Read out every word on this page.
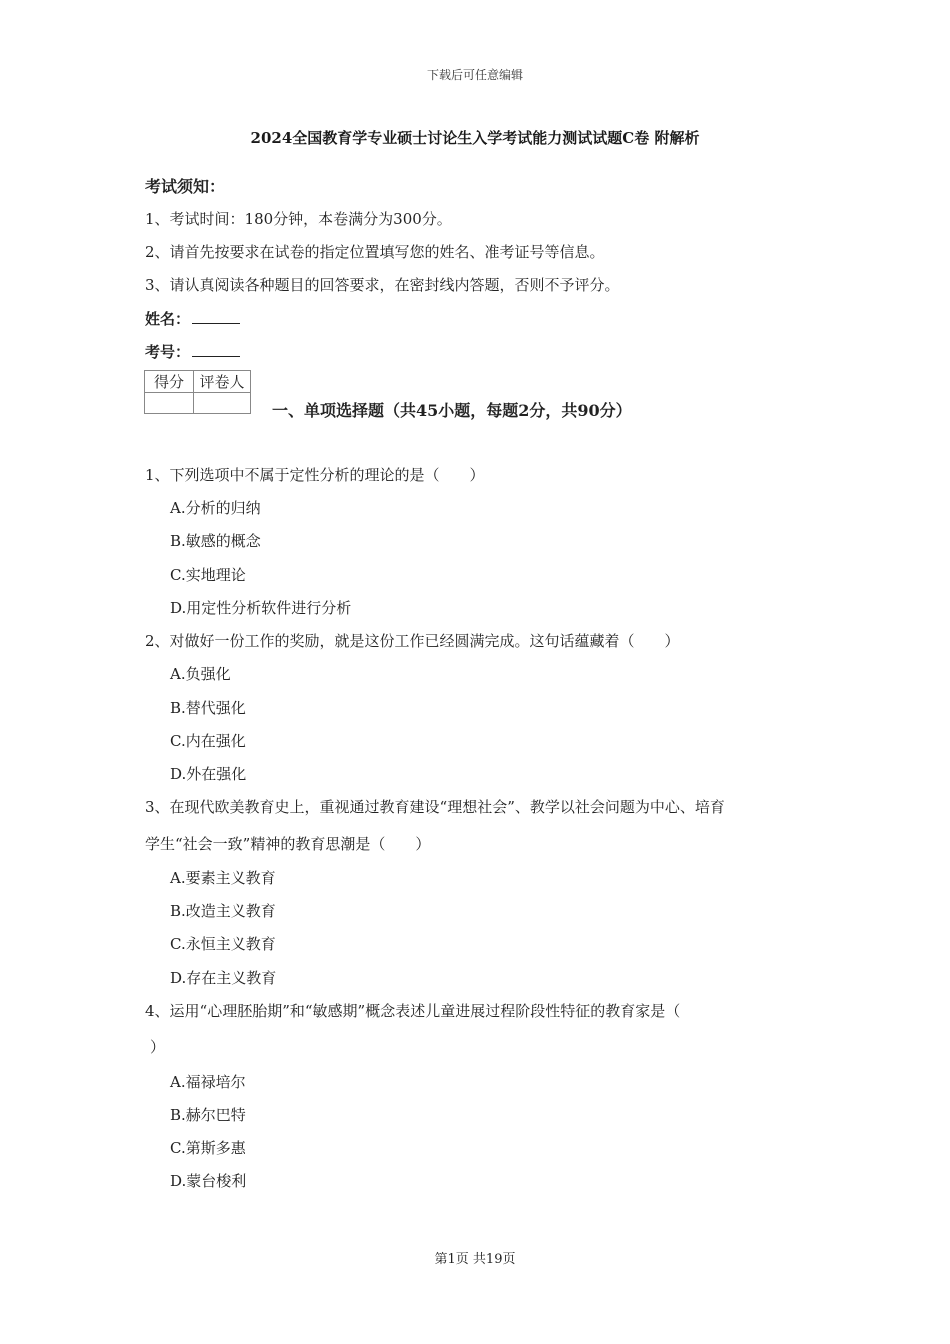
下载后可任意编辑
2024全国教育学专业硕士讨论生入学考试能力测试试题C卷 附解析
考试须知：
1、考试时间：180分钟，本卷满分为300分。
2、请首先按要求在试卷的指定位置填写您的姓名、准考证号等信息。
3、请认真阅读各种题目的回答要求，在密封线内答题，否则不予评分。
姓名：
考号：
得分	评卷人

一、单项选择题（共45小题，每题2分，共90分）
1、下列选项中不属于定性分析的理论的是（　　）
A.分析的归纳
B.敏感的概念
C.实地理论
D.用定性分析软件进行分析
2、对做好一份工作的奖励，就是这份工作已经圆满完成。这句话蕴藏着（　　）
A.负强化
B.替代强化
C.内在强化
D.外在强化
3、在现代欧美教育史上，重视通过教育建设“理想社会”、教学以社会问题为中心、培育
学生“社会一致”精神的教育思潮是（　　）
A.要素主义教育
B.改造主义教育
C.永恒主义教育
D.存在主义教育
4、运用“心理胚胎期”和“敏感期”概念表述儿童进展过程阶段性特征的教育家是（
）
A.福禄培尔
B.赫尔巴特
C.第斯多惠
D.蒙台梭利
第1页 共19页
